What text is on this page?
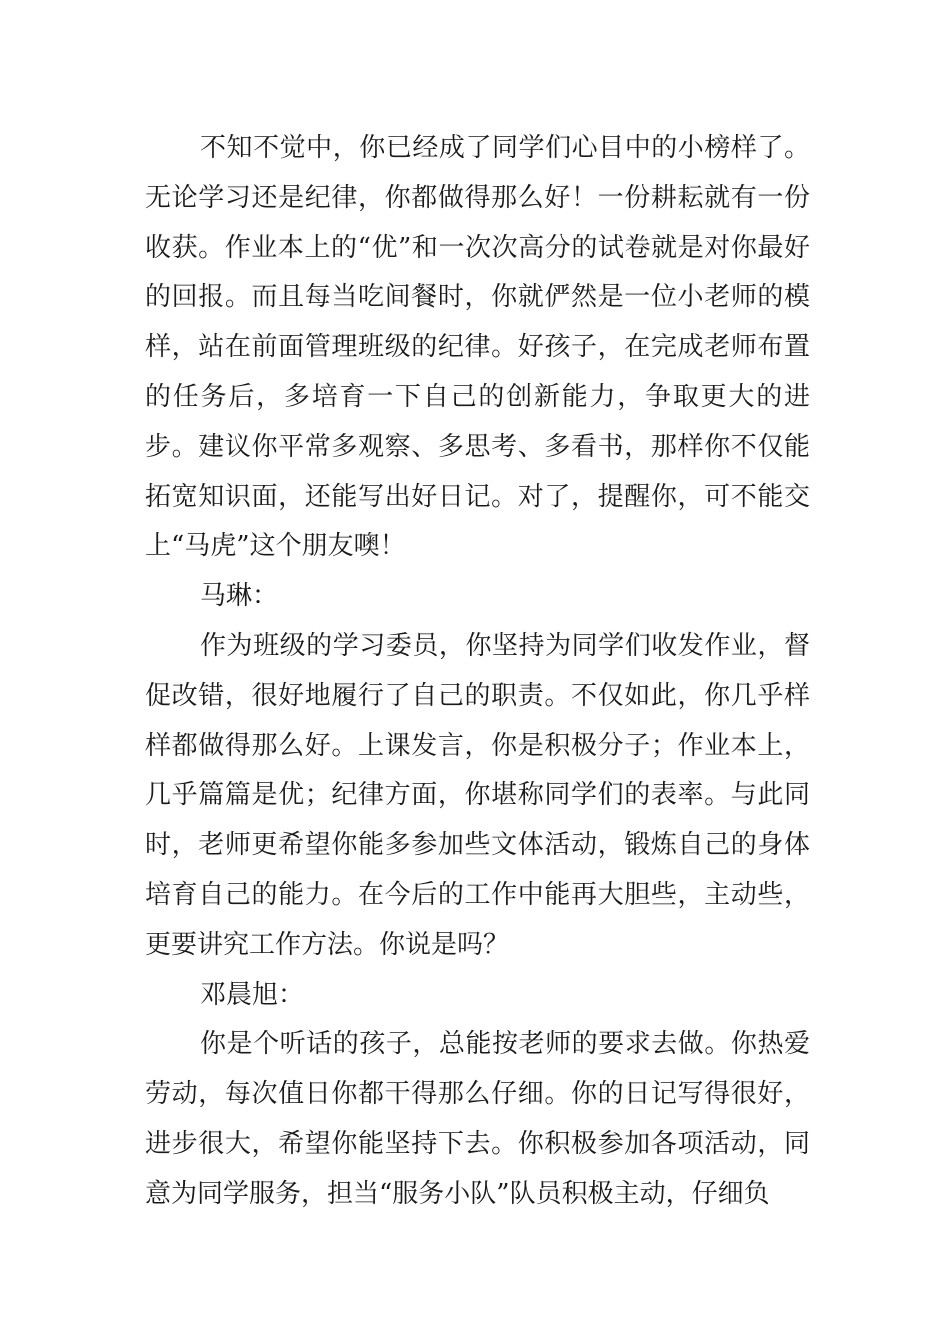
不知不觉中，你已经成了同学们心目中的小榜样了。无论学习还是纪律，你都做得那么好！一份耕耘就有一份收获。作业本上的“优”和一次次高分的试卷就是对你最好的回报。而且每当吃间餐时，你就俨然是一位小老师的模样，站在前面管理班级的纪律。好孩子，在完成老师布置的任务后，多培育一下自己的创新能力，争取更大的进步。建议你平常多观察、多思考、多看书，那样你不仅能拓宽知识面，还能写出好日记。对了，提醒你，可不能交上“马虎”这个朋友噢！

马琳：

作为班级的学习委员，你坚持为同学们收发作业，督促改错，很好地履行了自己的职责。不仅如此，你几乎样样都做得那么好。上课发言，你是积极分子；作业本上，几乎篇篇是优；纪律方面，你堪称同学们的表率。与此同时，老师更希望你能多参加些文体活动，锻炼自己的身体培育自己的能力。在今后的工作中能再大胆些，主动些，更要讲究工作方法。你说是吗？

邓晨旭：

你是个听话的孩子，总能按老师的要求去做。你热爱劳动，每次值日你都干得那么仔细。你的日记写得很好，进步很大，希望你能坚持下去。你积极参加各项活动，同意为同学服务，担当“服务小队”队员积极主动，仔细负
